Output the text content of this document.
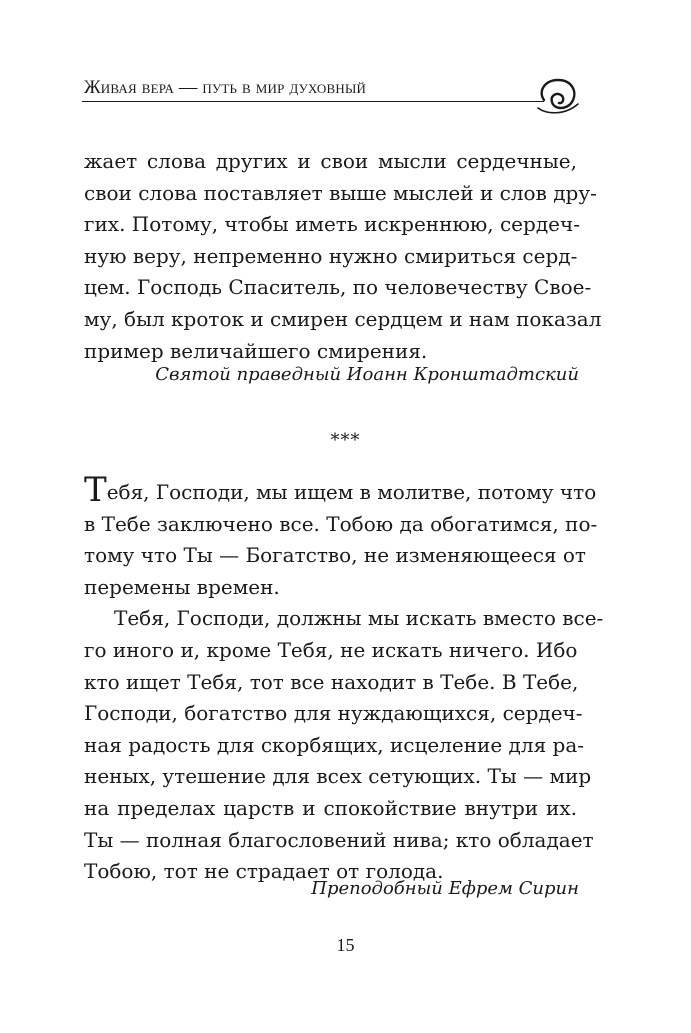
Живая вера — путь в мир духовный
жает слова других и свои мысли сердечные,
свои слова поставляет выше мыслей и слов дру-
гих. Потому, чтобы иметь искреннюю, сердеч-
ную веру, непременно нужно смириться серд-
цем. Господь Спаситель, по человечеству Свое-
му, был кроток и смирен сердцем и нам показал
пример величайшего смирения.
Святой праведный Иоанн Кронштадтский
***
Тебя, Господи, мы ищем в молитве, потому что
в Тебе заключено все. Тобою да обогатимся, по-
тому что Ты — Богатство, не изменяющееся от
перемены времен.
Тебя, Господи, должны мы искать вместо все-
го иного и, кроме Тебя, не искать ничего. Ибо
кто ищет Тебя, тот все находит в Тебе. В Тебе,
Господи, богатство для нуждающихся, сердеч-
ная радость для скорбящих, исцеление для ра-
неных, утешение для всех сетующих. Ты — мир
на пределах царств и спокойствие внутри их.
Ты — полная благословений нива; кто обладает
Тобою, тот не страдает от голода.
Преподобный Ефрем Сирин
15
